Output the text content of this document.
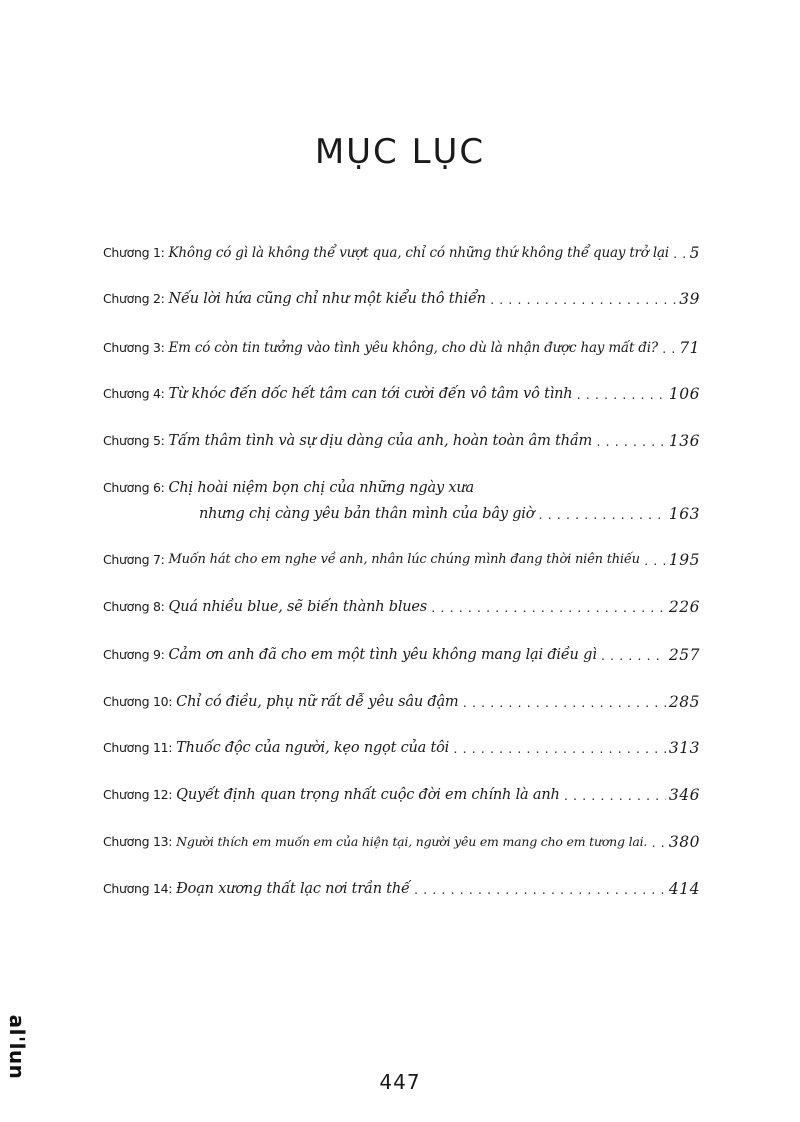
MỤC LỤC
Chương 1: Không có gì là không thể vượt qua, chỉ có những thứ không thể quay trở lại ..... 5
Chương 2: Nếu lời hứa cũng chỉ như một kiểu thô thiển .....	39
Chương 3: Em có còn tin tưởng vào tình yêu không, cho dù là nhận được hay mất đi? ..... 71
Chương 4: Từ khóc đến dốc hết tâm can tới cười đến vô tâm vô tình .....	106
Chương 5: Tấm thâm tình và sự dịu dàng của anh, hoàn toàn âm thầm .....	136
Chương 6: Chị hoài niệm bọn chị của những ngày xưa
nhưng chị càng yêu bản thân mình của bây giờ .....	163
Chương 7: Muốn hát cho em nghe về anh, nhân lúc chúng mình đang thời niên thiếu ..... 195
Chương 8: Quá nhiều blue, sẽ biến thành blues .....	226
Chương 9: Cảm ơn anh đã cho em một tình yêu không mang lại điều gì .....	257
Chương 10: Chỉ có điều, phụ nữ rất dễ yêu sâu đậm .....	285
Chương 11: Thuốc độc của người, kẹo ngọt của tôi .....	313
Chương 12: Quyết định quan trọng nhất cuộc đời em chính là anh .....	346
Chương 13: Người thích em muốn em của hiện tại, người yêu em mang cho em tương lai. ..... 380
Chương 14: Đoạn xương thất lạc nơi trần thế .....	414
al'lun
447
